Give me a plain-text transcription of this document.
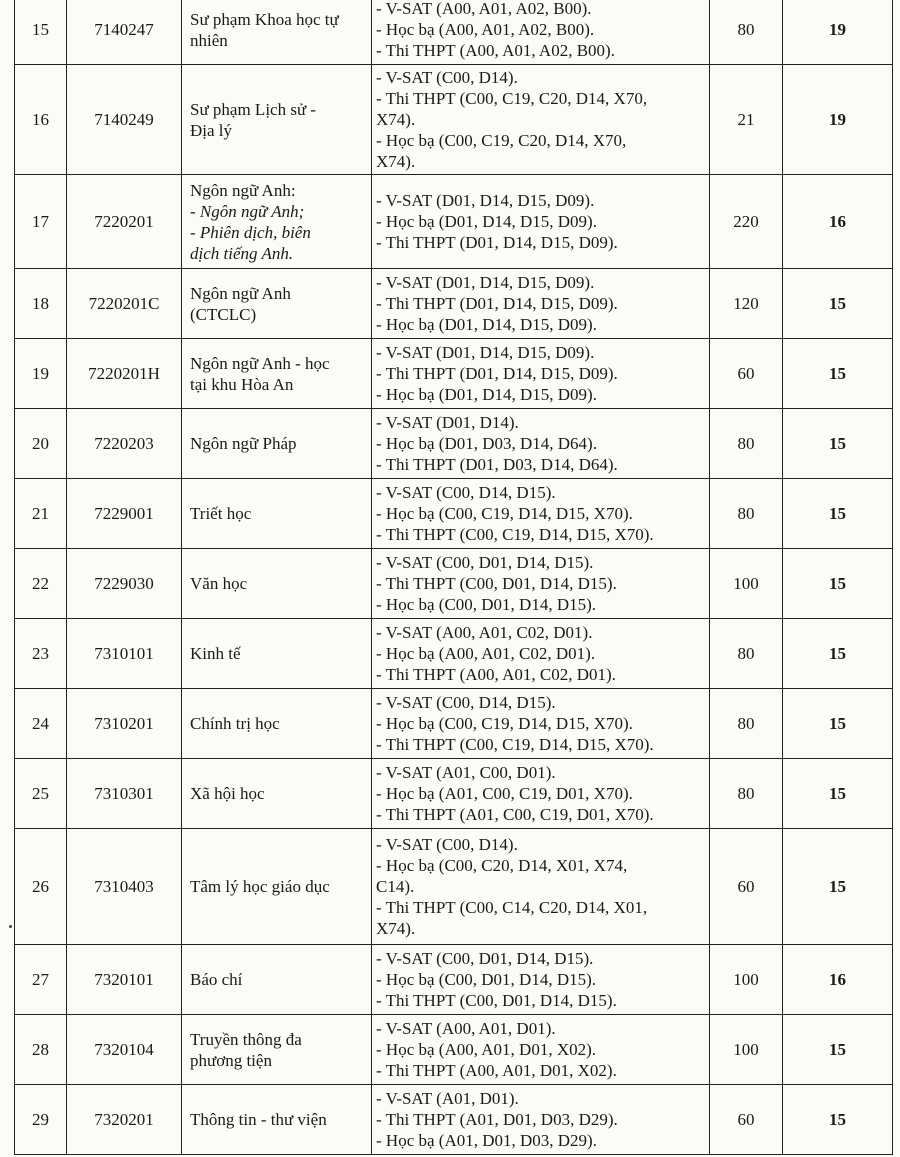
15	7140247	Sư phạm Khoa học tự
nhiên	- V-SAT (A00, A01, A02, B00).
- Học bạ (A00, A01, A02, B00).
- Thi THPT (A00, A01, A02, B00).	80	19
16	7140249	Sư phạm Lịch sử -
Địa lý	- V-SAT (C00, D14).
- Thi THPT (C00, C19, C20, D14, X70,
X74).
- Học bạ (C00, C19, C20, D14, X70,
X74).	21	19
17	7220201	Ngôn ngữ Anh:
- Ngôn ngữ Anh;
- Phiên dịch, biên
dịch tiếng Anh.	- V-SAT (D01, D14, D15, D09).
- Học bạ (D01, D14, D15, D09).
- Thi THPT (D01, D14, D15, D09).	220	16
18	7220201C	Ngôn ngữ Anh
(CTCLC)	- V-SAT (D01, D14, D15, D09).
- Thi THPT (D01, D14, D15, D09).
- Học bạ (D01, D14, D15, D09).	120	15
19	7220201H	Ngôn ngữ Anh - học
tại khu Hòa An	- V-SAT (D01, D14, D15, D09).
- Thi THPT (D01, D14, D15, D09).
- Học bạ (D01, D14, D15, D09).	60	15
20	7220203	Ngôn ngữ Pháp	- V-SAT (D01, D14).
- Học bạ (D01, D03, D14, D64).
- Thi THPT (D01, D03, D14, D64).	80	15
21	7229001	Triết học	- V-SAT (C00, D14, D15).
- Học bạ (C00, C19, D14, D15, X70).
- Thi THPT (C00, C19, D14, D15, X70).	80	15
22	7229030	Văn học	- V-SAT (C00, D01, D14, D15).
- Thi THPT (C00, D01, D14, D15).
- Học bạ (C00, D01, D14, D15).	100	15
23	7310101	Kinh tế	- V-SAT (A00, A01, C02, D01).
- Học bạ (A00, A01, C02, D01).
- Thi THPT (A00, A01, C02, D01).	80	15
24	7310201	Chính trị học	- V-SAT (C00, D14, D15).
- Học bạ (C00, C19, D14, D15, X70).
- Thi THPT (C00, C19, D14, D15, X70).	80	15
25	7310301	Xã hội học	- V-SAT (A01, C00, D01).
- Học bạ (A01, C00, C19, D01, X70).
- Thi THPT (A01, C00, C19, D01, X70).	80	15
26	7310403	Tâm lý học giáo dục	- V-SAT (C00, D14).
- Học bạ (C00, C20, D14, X01, X74,
C14).
- Thi THPT (C00, C14, C20, D14, X01,
X74).	60	15
27	7320101	Báo chí	- V-SAT (C00, D01, D14, D15).
- Học bạ (C00, D01, D14, D15).
- Thi THPT (C00, D01, D14, D15).	100	16
28	7320104	Truyền thông đa
phương tiện	- V-SAT (A00, A01, D01).
- Học bạ (A00, A01, D01, X02).
- Thi THPT (A00, A01, D01, X02).	100	15
29	7320201	Thông tin - thư viện	- V-SAT (A01, D01).
- Thi THPT (A01, D01, D03, D29).
- Học bạ (A01, D01, D03, D29).	60	15
